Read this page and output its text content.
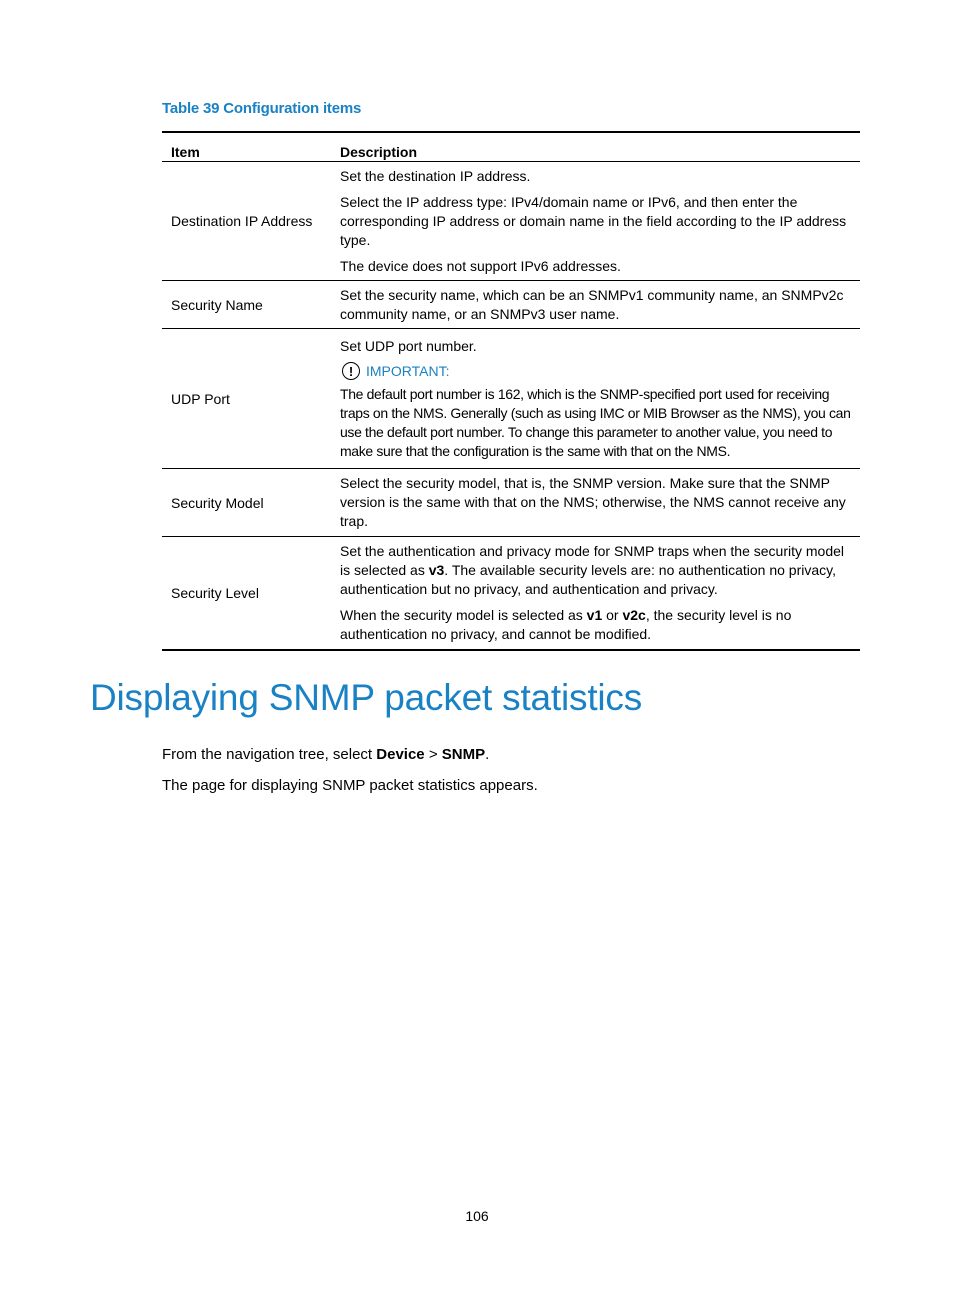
Table 39 Configuration items
Item	Description
Destination IP Address

Set the destination IP address.

Select the IP address type: IPv4/domain name or IPv6, and then enter the corresponding IP address or domain name in the field according to the IP address type.

The device does not support IPv6 addresses.

Security Name

Set the security name, which can be an SNMPv1 community name, an SNMPv2c community name, or an SNMPv3 user name.

UDP Port

Set UDP port number.

! IMPORTANT:

The default port number is 162, which is the SNMP-specified port used for receiving traps on the NMS. Generally (such as using IMC or MIB Browser as the NMS), you can use the default port number. To change this parameter to another value, you need to make sure that the configuration is the same with that on the NMS.

Security Model

Select the security model, that is, the SNMP version. Make sure that the SNMP version is the same with that on the NMS; otherwise, the NMS cannot receive any trap.

Security Level

Set the authentication and privacy mode for SNMP traps when the security model is selected as v3. The available security levels are: no authentication no privacy, authentication but no privacy, and authentication and privacy.

When the security model is selected as v1 or v2c, the security level is no authentication no privacy, and cannot be modified.

Displaying SNMP packet statistics
From the navigation tree, select Device > SNMP.
The page for displaying SNMP packet statistics appears.
106
